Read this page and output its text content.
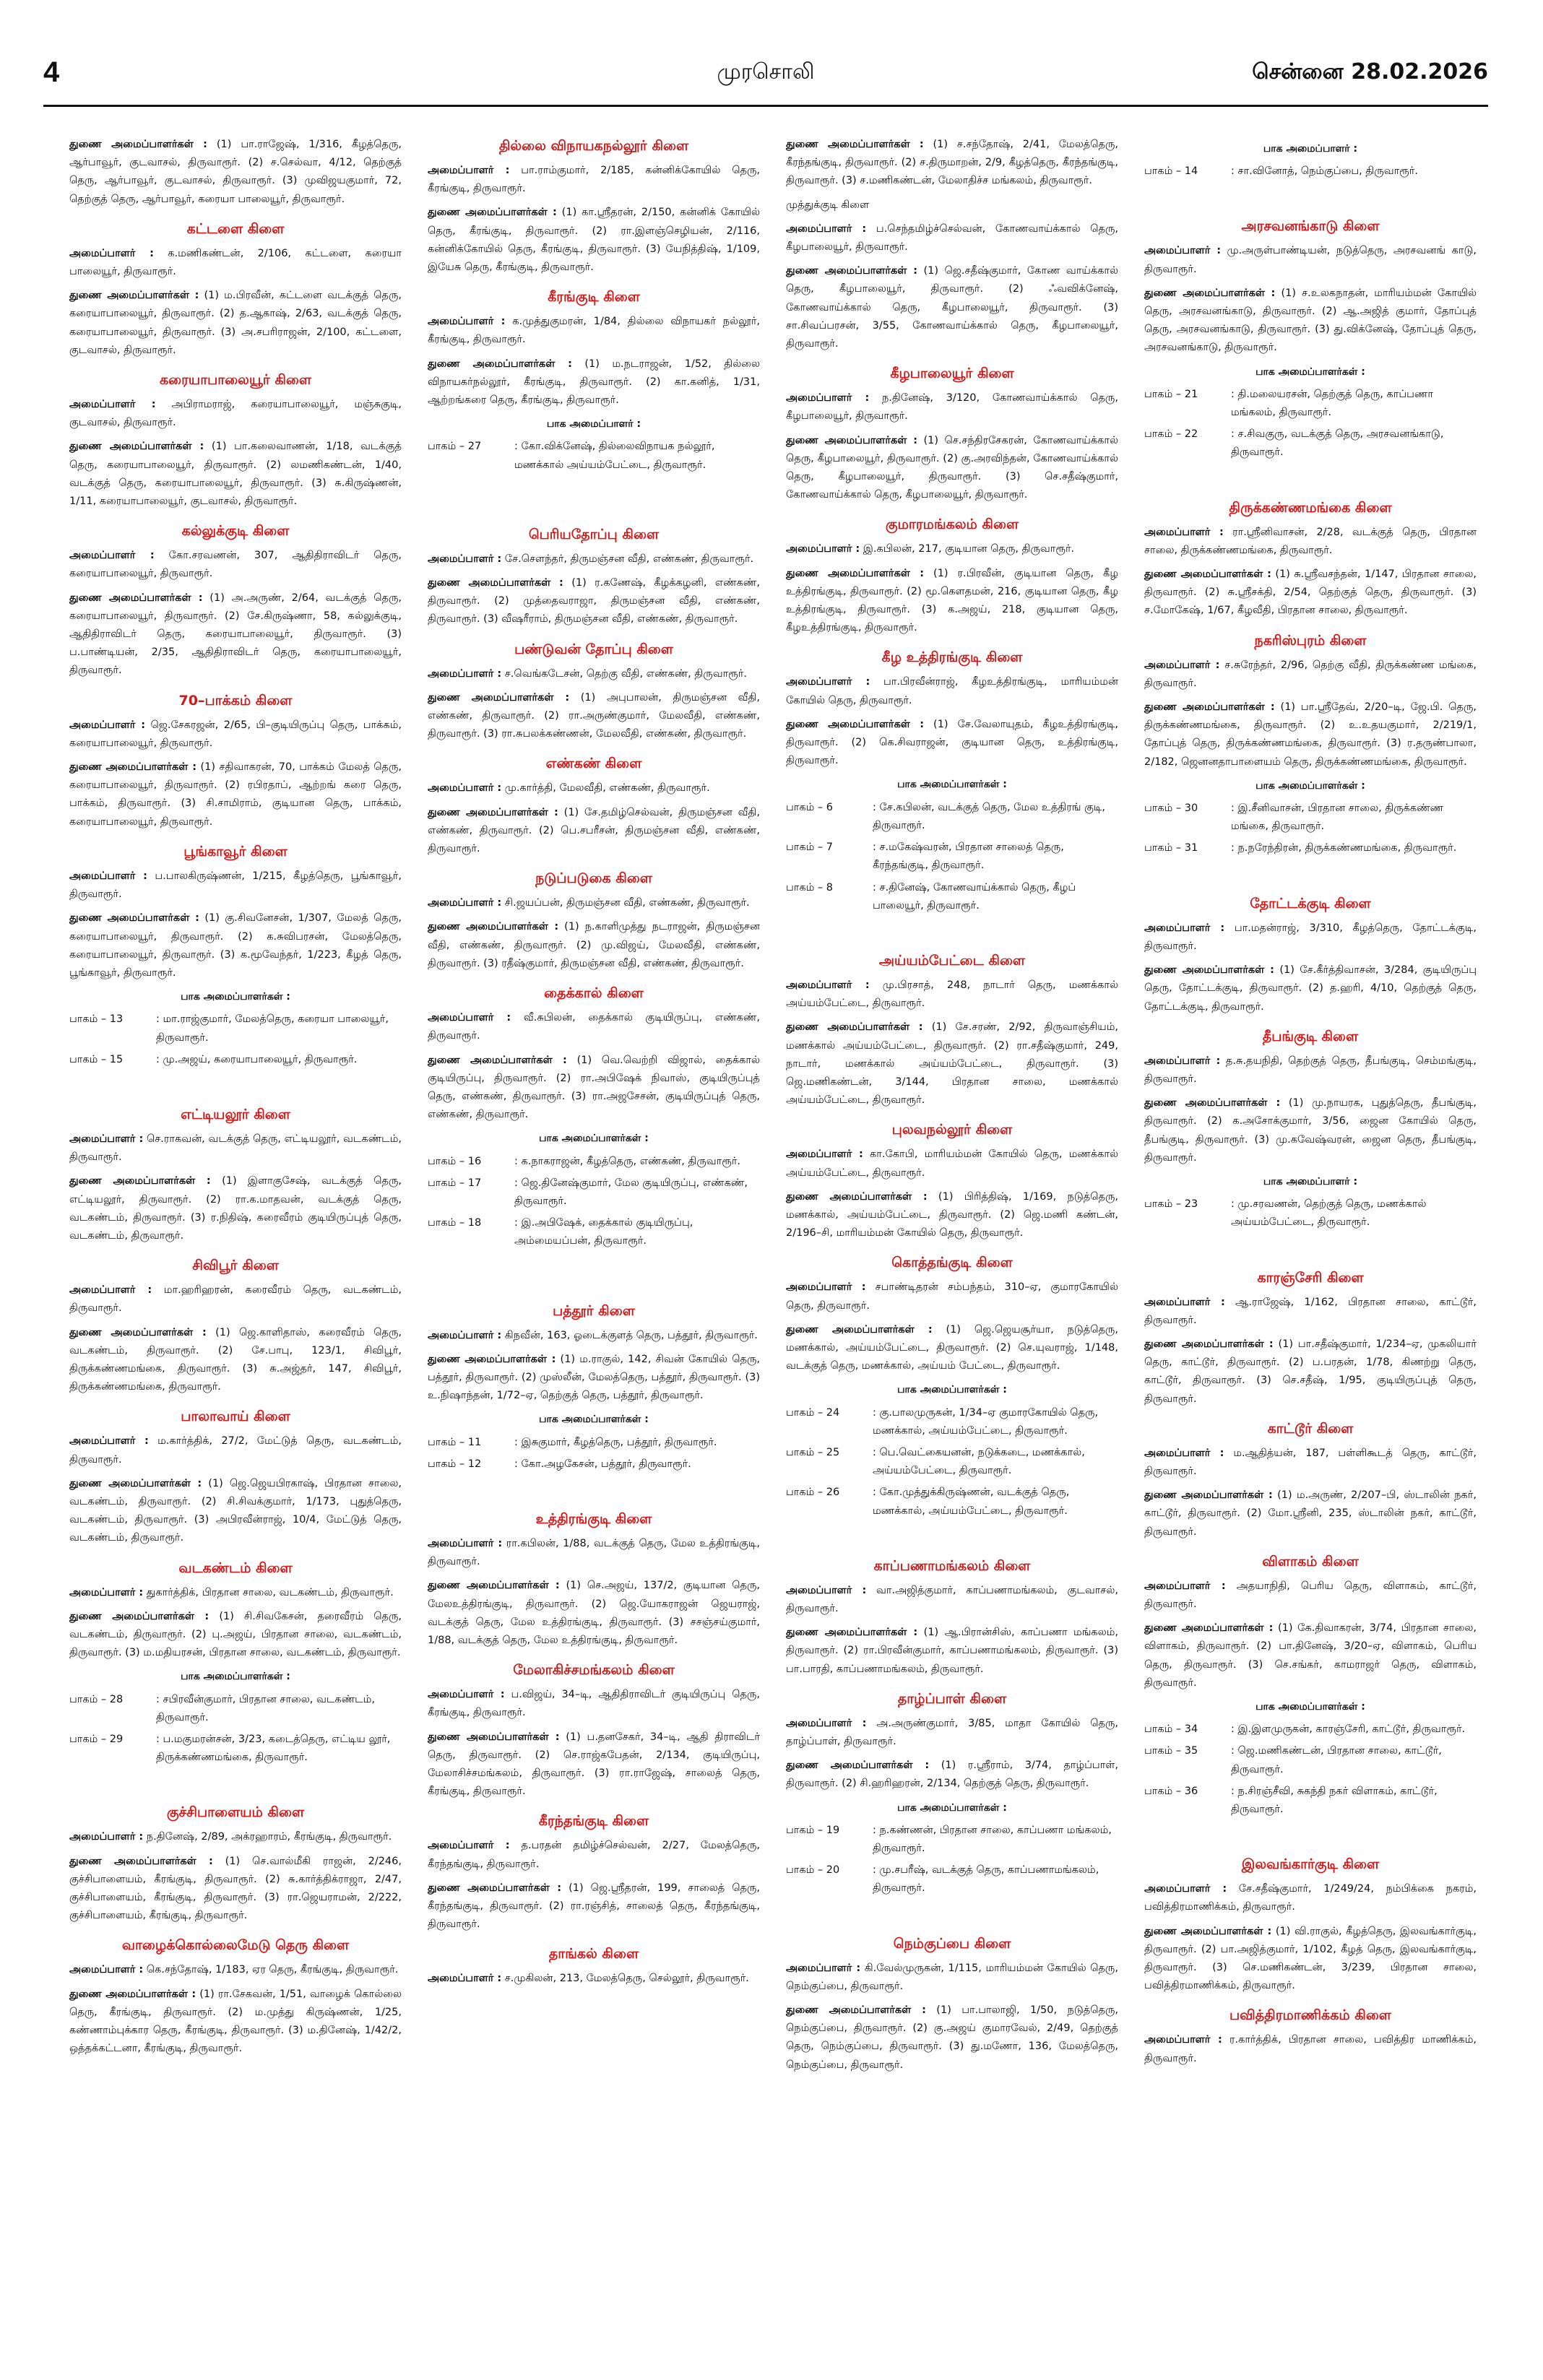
4	முரசொலி	சென்னை 28.02.2026
துணை அமைப்பாளர்கள் : (1) பா.ராஜேஷ், 1/316, கீழத்தெரு, ஆர்பாவூர், குடவாசல், திருவாரூர். (2) ச.செல்வா, 4/12, தெற்குத் தெரு, ஆர்பாவூர், குடவாசல், திருவாரூர். (3) முவிஜயகுமார், 72, தெற்குத் தெரு, ஆர்பாவூர், கரையா பாலையூர், திருவாரூர்.
கட்டளை கிளை
அமைப்பாளர் : க.மணிகண்டன், 2/106, கட்டளை, கரையா பாலையூர், திருவாரூர்.
துணை அமைப்பாளர்கள் : (1) ம.பிரவீன், கட்டளை வடக்குத் தெரு, கரையாபாலையூர், திருவாரூர். (2) த.ஆகாஷ், 2/63, வடக்குத் தெரு, கரையாபாலையூர், திருவாரூர். (3) அ.சபரிராஜன், 2/100, கட்டளை, குடவாசல், திருவாரூர்.
கரையாபாலையூர் கிளை
அமைப்பாளர் : அபிராமராஜ், கரையாபாலையூர், மஞ்சுகுடி, குடவாசல், திருவாரூர்.
துணை அமைப்பாளர்கள் : (1) பா.கலைவாணன், 1/18, வடக்குத் தெரு, கரையாபாலையூர், திருவாரூர். (2) லமணிகண்டன், 1/40, வடக்குத் தெரு, கரையாபாலையூர், திருவாரூர். (3) சு.கிருஷ்ணன், 1/11, கரையாபாலையூர், குடவாசல், திருவாரூர்.
கல்லுக்குடி கிளை
அமைப்பாளர் : கோ.சரவணன், 307, ஆதிதிராவிடர் தெரு, கரையாபாலையூர், திருவாரூர்.
துணை அமைப்பாளர்கள் : (1) அ.அருண், 2/64, வடக்குத் தெரு, கரையாபாலையூர், திருவாரூர். (2) சே.கிருஷ்ணா, 58, கல்லுக்குடி, ஆதிதிராவிடர் தெரு, கரையாபாலையூர், திருவாரூர். (3) ப.பாண்டியன், 2/35, ஆதிதிராவிடர் தெரு, கரையாபாலையூர், திருவாரூர்.
70–பாக்கம் கிளை
அமைப்பாளர் : ஜெ.சேகரஜன், 2/65, பி–குடியிருப்பு தெரு, பாக்கம், கரையாபாலையூர், திருவாரூர்.
துணை அமைப்பாளர்கள் : (1) சதிவாகரன், 70, பாக்கம் மேலத் தெரு, கரையாபாலையூர், திருவாரூர். (2) ரபிரதாப், ஆற்றங் கரை தெரு, பாக்கம், திருவாரூர். (3) சி.சாமிராம், குடியான தெரு, பாக்கம், கரையாபாலையூர், திருவாரூர்.
பூங்காவூர் கிளை
அமைப்பாளர் : ப.பாலகிருஷ்ணன், 1/215, கீழத்தெரு, பூங்காவூர், திருவாரூர்.
துணை அமைப்பாளர்கள் : (1) கு.சிவனேசன், 1/307, மேலத் தெரு, கரையாபாலையூர், திருவாரூர். (2) க.சுவிபரசன், மேலத்தெரு, கரையாபாலையூர், திருவாரூர். (3) க.மூவேந்தர், 1/223, கீழத் தெரு, பூங்காவூர், திருவாரூர்.
பாக அமைப்பாளர்கள் :
பாகம் – 13	: மா.ராஜ்குமார், மேலத்தெரு, கரையா பாலையூர், திருவாரூர்.
பாகம் – 15	: மு.அஜய், கரையாபாலையூர், திருவாரூர்.
எட்டியலூர் கிளை
அமைப்பாளர் : செ.ராகவன், வடக்குத் தெரு, எட்டியலூர், வடகண்டம், திருவாரூர்.
துணை அமைப்பாளர்கள் : (1) இளாகுசேஷ், வடக்குத் தெரு, எட்டியலூர், திருவாரூர். (2) ரா.க.மாதவன், வடக்குத் தெரு, வடகண்டம், திருவாரூர். (3) ர.நிதிஷ், கரைவீரம் குடியிருப்புத் தெரு, வடகண்டம், திருவாரூர்.
சிவிபூர் கிளை
அமைப்பாளர் : மா.ஹரிஹரன், கரைவீரம் தெரு, வடகண்டம், திருவாரூர்.
துணை அமைப்பாளர்கள் : (1) ஜெ.காளிதாஸ், கரைவீரம் தெரு, வடகண்டம், திருவாரூர். (2) சே.பாபு, 123/1, சிவிபூர், திருக்கண்ணமங்கை, திருவாரூர். (3) சு.அஜ்தர், 147, சிவிபூர், திருக்கண்ணமங்கை, திருவாரூர்.
பாலாவாய் கிளை
அமைப்பாளர் : ம.கார்த்திக், 27/2, மேட்டுத் தெரு, வடகண்டம், திருவாரூர்.
துணை அமைப்பாளர்கள் : (1) ஜெ.ஜெயபிரகாஷ், பிரதான சாலை, வடகண்டம், திருவாரூர். (2) சி.சிவக்குமார், 1/173, புதுத்தெரு, வடகண்டம், திருவாரூர். (3) அபிரவீன்ராஜ், 10/4, மேட்டுத் தெரு, வடகண்டம், திருவாரூர்.
வடகண்டம் கிளை
அமைப்பாளர் : துகார்த்திக், பிரதான சாலை, வடகண்டம், திருவாரூர்.
துணை அமைப்பாளர்கள் : (1) சி.சிவகேசன், தரைவீரம் தெரு, வடகண்டம், திருவாரூர். (2) பு.அஜய், பிரதான சாலை, வடகண்டம், திருவாரூர். (3) ம.மதியரசன், பிரதான சாலை, வடகண்டம், திருவாரூர்.
பாக அமைப்பாளர்கள் :
பாகம் – 28	: சபிரவீன்குமார், பிரதான சாலை, வடகண்டம், திருவாரூர்.
பாகம் – 29	: ப.மகுமரன்சன், 3/23, கடைத்தெரு, எட்டிய லூர், திருக்கண்ணமங்கை, திருவாரூர்.
குச்சிபாளையம் கிளை
அமைப்பாளர் : ந.தினேஷ், 2/89, அக்ரஹாரம், கீரங்குடி, திருவாரூர்.
துணை அமைப்பாளர்கள் : (1) செ.வால்மீகி ராஜன், 2/246, குச்சிபாளையம், கீரங்குடி, திருவாரூர். (2) சு.கார்த்திக்ராஜா, 2/47, குச்சிபாளையம், கீரங்குடி, திருவாரூர். (3) ரா.ஜெயராமன், 2/222, குச்சிபாளையம், கீரங்குடி, திருவாரூர்.
வாழைக்கொல்லைமேடு தெரு கிளை
அமைப்பாளர் : கெ.சந்தோஷ், 1/183, ஏர தெரு, கீரங்குடி, திருவாரூர்.
துணை அமைப்பாளர்கள் : (1) ரா.சேகவன், 1/51, வாழைக் கொல்லை தெரு, கீரங்குடி, திருவாரூர். (2) ம.முத்து கிருஷ்ணன், 1/25, கண்ணாம்புக்கார தெரு, கீரங்குடி, திருவாரூர். (3) ம.தினேஷ், 1/42/2, ஒத்தக்கட்டனா, கீரங்குடி, திருவாரூர்.
தில்லை விநாயகநல்லூர் கிளை
அமைப்பாளர் : பா.ராம்குமார், 2/185, கன்னிக்கோயில் தெரு, கீரங்குடி, திருவாரூர்.
துணை அமைப்பாளர்கள் : (1) கா.ஸ்ரீதரன், 2/150, கன்னிக் கோயில் தெரு, கீரங்குடி, திருவாரூர். (2) ரா.இளஞ்செழியன், 2/116, கன்னிக்கோயில் தெரு, கீரங்குடி, திருவாரூர். (3) யேநித்திஷ், 1/109, இயேசு தெரு, கீரங்குடி, திருவாரூர்.
கீரங்குடி கிளை
அமைப்பாளர் : க.முத்துகுமரன், 1/84, தில்லை விநாயகர் நல்லூர், கீரங்குடி, திருவாரூர்.
துணை அமைப்பாளர்கள் : (1) ம.நடராஜன், 1/52, தில்லை விநாயகர்நல்லூர், கீரங்குடி, திருவாரூர். (2) கா.கனித், 1/31, ஆற்றங்கரை தெரு, கீரங்குடி, திருவாரூர்.
பாக அமைப்பாளர் :
பாகம் – 27	: கோ.விக்னேஷ், தில்லைவிநாயக நல்லூர், மணக்கால் அய்யம்பேட்டை, திருவாரூர்.
பெரியதோப்பு கிளை
அமைப்பாளர் : சே.சௌந்தர், திருமஞ்சன வீதி, எண்கண், திருவாரூர்.
துணை அமைப்பாளர்கள் : (1) ர.கணேஷ், கீழக்கழனி, எண்கண், திருவாரூர். (2) முத்தைவராஜா, திருமஞ்சன வீதி, எண்கண், திருவாரூர். (3) வீஷரீராம், திருமஞ்சன வீதி, எண்கண், திருவாரூர்.
பண்டுவன் தோப்பு கிளை
அமைப்பாளர் : ச.வெங்கடேசன், தெற்கு வீதி, எண்கண், திருவாரூர்.
துணை அமைப்பாளர்கள் : (1) அபுபாலன், திருமஞ்சன வீதி, எண்கண், திருவாரூர். (2) ரா.அருண்குமார், மேலவீதி, எண்கண், திருவாரூர். (3) ரா.சுபலக்கண்ணன், மேலவீதி, எண்கண், திருவாரூர்.
எண்கண் கிளை
அமைப்பாளர் : மு.கார்த்தி, மேலவீதி, எண்கண், திருவாரூர்.
துணை அமைப்பாளர்கள் : (1) சே.தமிழ்செல்வன், திருமஞ்சன வீதி, எண்கண், திருவாரூர். (2) பெ.சபரீசன், திருமஞ்சன வீதி, எண்கண், திருவாரூர்.
நடுப்படுகை கிளை
அமைப்பாளர் : சி.ஜயப்பன், திருமஞ்சன வீதி, எண்கண், திருவாரூர்.
துணை அமைப்பாளர்கள் : (1) ந.காளிமுத்து நடராஜன், திருமஞ்சன வீதி, எண்கண், திருவாரூர். (2) மு.விஜய், மேலவீதி, எண்கண், திருவாரூர். (3) ரதீஷ்குமார், திருமஞ்சன வீதி, எண்கண், திருவாரூர்.
தைக்கால் கிளை
அமைப்பாளர் : வீ.சுபிலன், தைக்கால் குடியிருப்பு, எண்கண், திருவாரூர்.
துணை அமைப்பாளர்கள் : (1) வெ.வெற்றி விஜால், தைக்கால் குடியிருப்பு, திருவாரூர். (2) ரா.அபிஷேக் நிவாஸ், குடியிருப்புத் தெரு, எண்கண், திருவாரூர். (3) ரா.அஜசேசன், குடியிருப்புத் தெரு, எண்கண், திருவாரூர்.
பாக அமைப்பாளர்கள் :
பாகம் – 16	: க.நாகராஜன், கீழத்தெரு, எண்கண், திருவாரூர்.
பாகம் – 17	: ஜெ.தினேஷ்குமார், மேல குடியிருப்பு, எண்கண், திருவாரூர்.
பாகம் – 18	: இ.அபிஷேக், தைக்கால் குடியிருப்பு, அம்மையப்பன், திருவாரூர்.
பத்தூர் கிளை
அமைப்பாளர் : கிநவீன், 163, ஓடைக்குளத் தெரு, பத்தூர், திருவாரூர்.
துணை அமைப்பாளர்கள் : (1) ம.ராகுல், 142, சிவன் கோயில் தெரு, பத்தூர், திருவாரூர். (2) முஸ்லீன், மேலத்தெரு, பத்தூர், திருவாரூர். (3) உ.நிஷாந்தன், 1/72–ஏ, தெற்குத் தெரு, பத்தூர், திருவாரூர்.
பாக அமைப்பாளர்கள் :
பாகம் – 11	: இசுகுமார், கீழத்தெரு, பத்தூர், திருவாரூர்.
பாகம் – 12	: கோ.அழகேசன், பத்தூர், திருவாரூர்.
உத்திரங்குடி கிளை
அமைப்பாளர் : ரா.கபிலன், 1/88, வடக்குத் தெரு, மேல உத்திரங்குடி, திருவாரூர்.
துணை அமைப்பாளர்கள் : (1) செ.அஜய், 137/2, குடியான தெரு, மேலஉத்திரங்குடி, திருவாரூர். (2) ஜெ.யோகராஜன் ஜெயராஜ், வடக்குத் தெரு, மேல உத்திரங்குடி, திருவாரூர். (3) சசஞ்சய்குமார், 1/88, வடக்குத் தெரு, மேல உத்திரங்குடி, திருவாரூர்.
மேலாகிச்சமங்கலம் கிளை
அமைப்பாளர் : ப.விஜய், 34–டி, ஆதிதிராவிடர் குடியிருப்பு தெரு, கீரங்குடி, திருவாரூர்.
துணை அமைப்பாளர்கள் : (1) ப.தனசேகர், 34–டி, ஆதி திராவிடர் தெரு, திருவாரூர். (2) செ.ராஜ்கபேதன், 2/134, குடியிருப்பு, மேலாசிச்சமங்கலம், திருவாரூர். (3) ரா.ராஜேஷ், சாலைத் தெரு, கீரங்குடி, திருவாரூர்.
கீரந்தங்குடி கிளை
அமைப்பாளர் : த.பரதன் தமிழ்ச்செல்வன், 2/27, மேலத்தெரு, கீரந்தங்குடி, திருவாரூர்.
துணை அமைப்பாளர்கள் : (1) ஜெ.ஸ்ரீதரன், 199, சாலைத் தெரு, கீரந்தங்குடி, திருவாரூர். (2) ரா.ரஞ்சித், சாலைத் தெரு, கீரந்தங்குடி, திருவாரூர்.
தாங்கல் கிளை
அமைப்பாளர் : ச.முகிலன், 213, மேலத்தெரு, செல்லூர், திருவாரூர்.
துணை அமைப்பாளர்கள் : (1) ச.சந்தோஷ், 2/41, மேலத்தெரு, கீரந்தங்குடி, திருவாரூர். (2) ச.திருமாறன், 2/9, கீழத்தெரு, கீரந்தங்குடி, திருவாரூர். (3) ச.மணிகண்டன், மேலாதிச்ச மங்கலம், திருவாரூர்.
முத்துக்குடி கிளை
அமைப்பாளர் : ப.செந்தமிழ்ச்செல்வன், கோணவாய்க்கால் தெரு, கீழபாலையூர், திருவாரூர்.
துணை அமைப்பாளர்கள் : (1) ஜெ.சதீஷ்குமார், கோண வாய்க்கால் தெரு, கீழபாலையூர், திருவாரூர். (2) ஃவவிக்னேஷ், கோணவாய்க்கால் தெரு, கீழபாலையூர், திருவாரூர். (3) சா.சிவப்பரசன், 3/55, கோணவாய்க்கால் தெரு, கீழபாலையூர், திருவாரூர்.
கீழபாலையூர் கிளை
அமைப்பாளர் : ந.தினேஷ், 3/120, கோணவாய்க்கால் தெரு, கீழபாலையூர், திருவாரூர்.
துணை அமைப்பாளர்கள் : (1) செ.சந்திரசேகரன், கோணவாய்க்கால் தெரு, கீழபாலையூர், திருவாரூர். (2) கு.அரவிந்தன், கோணவாய்க்கால் தெரு, கீழபாலையூர், திருவாரூர். (3) செ.சதீஷ்குமார், கோணவாய்க்கால் தெரு, கீழபாலையூர், திருவாரூர்.
குமாரமங்கலம் கிளை
அமைப்பாளர் : இ.கபிலன், 217, குடியான தெரு, திருவாரூர்.
துணை அமைப்பாளர்கள் : (1) ர.பிரவீன், குடியான தெரு, கீழ உத்திரங்குடி, திருவாரூர். (2) மூ.கௌதமன், 216, குடியான தெரு, கீழ உத்திரங்குடி, திருவாரூர். (3) க.அஜய், 218, குடியான தெரு, கீழஉத்திரங்குடி, திருவாரூர்.
கீழ உத்திரங்குடி கிளை
அமைப்பாளர் : பா.பிரவீன்ராஜ், கீழஉத்திரங்குடி, மாரியம்மன் கோயில் தெரு, திருவாரூர்.
துணை அமைப்பாளர்கள் : (1) சே.வேலாயுதம், கீழஉத்திரங்குடி, திருவாரூர். (2) கெ.சிவராஜன், குடியான தெரு, உத்திரங்குடி, திருவாரூர்.
பாக அமைப்பாளர்கள் :
பாகம் – 6	: சே.கபிலன், வடக்குத் தெரு, மேல உத்திரங் குடி, திருவாரூர்.
பாகம் – 7	: ச.மகேஷ்வரன், பிரதான சாலைத் தெரு, கீரந்தங்குடி, திருவாரூர்.
பாகம் – 8	: ச.தினேஷ், கோணவாய்க்கால் தெரு, கீழப் பாலையூர், திருவாரூர்.
அய்யம்பேட்டை கிளை
அமைப்பாளர் : மு.பிரசாத், 248, நாடார் தெரு, மணக்கால் அய்யம்பேட்டை, திருவாரூர்.
துணை அமைப்பாளர்கள் : (1) சே.சரண், 2/92, திருவாஞ்சியம், மணக்கால் அய்யம்பேட்டை, திருவாரூர். (2) ரா.சதீஷ்குமார், 249, நாடார், மணக்கால் அய்யம்பேட்டை, திருவாரூர். (3) ஜெ.மணிகண்டன், 3/144, பிரதான சாலை, மணக்கால் அய்யம்பேட்டை, திருவாரூர்.
புலவநல்லூர் கிளை
அமைப்பாளர் : கா.கோபி, மாரியம்மன் கோயில் தெரு, மணக்கால் அய்யம்பேட்டை, திருவாரூர்.
துணை அமைப்பாளர்கள் : (1) பிரித்திஷ், 1/169, நடுத்தெரு, மணக்கால், அய்யம்பேட்டை, திருவாரூர். (2) ஜெ.மணி கண்டன், 2/196–சி, மாரியம்மன் கோயில் தெரு, திருவாரூர்.
கொத்தங்குடி கிளை
அமைப்பாளர் : சபாண்டிதரன் சம்பந்தம், 310–ஏ, குமாரகோயில் தெரு, திருவாரூர்.
துணை அமைப்பாளர்கள் : (1) ஜெ.ஜெயசூர்யா, நடுத்தெரு, மணக்கால், அய்யம்பேட்டை, திருவாரூர். (2) செ.யுவராஜ், 1/148, வடக்குத் தெரு, மணக்கால், அய்யம் பேட்டை, திருவாரூர்.
பாக அமைப்பாளர்கள் :
பாகம் – 24	: கு.பாலமுருகன், 1/34–ஏ குமாரகோயில் தெரு, மணக்கால், அய்யம்பேட்டை, திருவாரூர்.
பாகம் – 25	: பெ.வெட்கையனன், நடுக்கடை, மணக்கால், அய்யம்பேட்டை, திருவாரூர்.
பாகம் – 26	: கோ.முத்துக்கிருஷ்ணன், வடக்குத் தெரு, மணக்கால், அய்யம்பேட்டை, திருவாரூர்.
காப்பணாமங்கலம் கிளை
அமைப்பாளர் : வா.அஜித்குமார், காப்பணாமங்கலம், குடவாசல், திருவாரூர்.
துணை அமைப்பாளர்கள் : (1) ஆ.பிரான்சிஸ், காப்பணா மங்கலம், திருவாரூர். (2) ரா.பிரவீன்குமார், காப்பணாமங்கலம், திருவாரூர். (3) பா.பாரதி, காப்பணாமங்கலம், திருவாரூர்.
தாழ்ப்பாள் கிளை
அமைப்பாளர் : அ.அருண்குமார், 3/85, மாதா கோயில் தெரு, தாழ்ப்பாள், திருவாரூர்.
துணை அமைப்பாளர்கள் : (1) ர.ஸ்ரீராம், 3/74, தாழ்ப்பாள், திருவாரூர். (2) சி.ஹரிஹரன், 2/134, தெற்குத் தெரு, திருவாரூர்.
பாக அமைப்பாளர்கள் :
பாகம் – 19	: ந.கண்ணன், பிரதான சாலை, காப்பணா மங்கலம், திருவாரூர்.
பாகம் – 20	: மு.சபரீஷ், வடக்குத் தெரு, காப்பணாமங்கலம், திருவாரூர்.
நெம்குப்பை கிளை
அமைப்பாளர் : கி.வேல்முருகன், 1/115, மாரியம்மன் கோயில் தெரு, நெம்குப்பை, திருவாரூர்.
துணை அமைப்பாளர்கள் : (1) பா.பாலாஜி, 1/50, நடுத்தெரு, நெம்குப்பை, திருவாரூர். (2) கு.அஜய் குமாரவேல், 2/49, தெற்குத் தெரு, நெம்குப்பை, திருவாரூர். (3) து.மணோ, 136, மேலத்தெரு, நெம்குப்பை, திருவாரூர்.
பாக அமைப்பாளர் :
பாகம் – 14	: சா.வினோத், நெம்குப்பை, திருவாரூர்.
அரசவனங்காடு கிளை
அமைப்பாளர் : மு.அருள்பாண்டியன், நடுத்தெரு, அரசவனங் காடு, திருவாரூர்.
துணை அமைப்பாளர்கள் : (1) ச.உலகநாதன், மாரியம்மன் கோயில் தெரு, அரசவனங்காடு, திருவாரூர். (2) ஆ.அஜித் குமார், தோப்புத் தெரு, அரசவனங்காடு, திருவாரூர். (3) து.விக்னேஷ், தோப்புத் தெரு, அரசவனங்காடு, திருவாரூர்.
பாக அமைப்பாளர்கள் :
பாகம் – 21	: தி.மலையரசன், தெற்குத் தெரு, காப்பணா மங்கலம், திருவாரூர்.
பாகம் – 22	: ச.சிவகுரு, வடக்குத் தெரு, அரசவனங்காடு, திருவாரூர்.
திருக்கண்ணமங்கை கிளை
அமைப்பாளர் : ரா.ஸ்ரீனிவாசன், 2/28, வடக்குத் தெரு, பிரதான சாலை, திருக்கண்ணமங்கை, திருவாரூர்.
துணை அமைப்பாளர்கள் : (1) சு.ஸ்ரீவசந்தன், 1/147, பிரதான சாலை, திருவாரூர். (2) சு.ஸ்ரீசக்தி, 2/54, தெற்குத் தெரு, திருவாரூர். (3) ச.மோகேஷ், 1/67, கீழவீதி, பிரதான சாலை, திருவாரூர்.
நகரிஸ்புரம் கிளை
அமைப்பாளர் : ச.சுரேந்தர், 2/96, தெற்கு வீதி, திருக்கண்ண மங்கை, திருவாரூர்.
துணை அமைப்பாளர்கள் : (1) பா.ஸ்ரீதேவ், 2/20–டி, ஜே.பி. தெரு, திருக்கண்ணமங்கை, திருவாரூர். (2) உ.உதயகுமார், 2/219/1, தோப்புத் தெரு, திருக்கண்ணமங்கை, திருவாரூர். (3) ர.தருண்பாலா, 2/182, ஜெனனதாபாளையம் தெரு, திருக்கண்ணமங்கை, திருவாரூர்.
பாக அமைப்பாளர்கள் :
பாகம் – 30	: இ.சீனிவாசன், பிரதான சாலை, திருக்கண்ண மங்கை, திருவாரூர்.
பாகம் – 31	: ந.நரேந்திரன், திருக்கண்ணமங்கை, திருவாரூர்.
தோட்டக்குடி கிளை
அமைப்பாளர் : பா.மதன்ராஜ், 3/310, கீழத்தெரு, தோட்டக்குடி, திருவாரூர்.
துணை அமைப்பாளர்கள் : (1) சே.கீர்த்திவாசன், 3/284, குடியிருப்பு தெரு, தோட்டக்குடி, திருவாரூர். (2) த.ஹரி, 4/10, தெற்குத் தெரு, தோட்டக்குடி, திருவாரூர்.
தீபங்குடி கிளை
அமைப்பாளர் : த.சு.தயநிதி, தெற்குத் தெரு, தீபங்குடி, செம்மங்குடி, திருவாரூர்.
துணை அமைப்பாளர்கள் : (1) மு.நாயரக, புதுத்தெரு, தீபங்குடி, திருவாரூர். (2) க.அசோக்குமார், 3/56, ஜைன கோயில் தெரு, தீபங்குடி, திருவாரூர். (3) மு.கவேஷ்வரன், ஜைன தெரு, தீபங்குடி, திருவாரூர்.
பாக அமைப்பாளர் :
பாகம் – 23	: மு.சரவணன், தெற்குத் தெரு, மணக்கால் அய்யம்பேட்டை, திருவாரூர்.
காரஞ்சேரி கிளை
அமைப்பாளர் : ஆ.ராஜேஷ், 1/162, பிரதான சாலை, காட்டூர், திருவாரூர்.
துணை அமைப்பாளர்கள் : (1) பா.சதீஷ்குமார், 1/234–ஏ, முகலியார் தெரு, காட்டூர், திருவாரூர். (2) ப.பரதன், 1/78, கிணற்று தெரு, காட்டூர், திருவாரூர். (3) செ.சதீஷ், 1/95, குடியிருப்புத் தெரு, திருவாரூர்.
காட்டூர் கிளை
அமைப்பாளர் : ம.ஆதித்யன், 187, பள்ளிகூடத் தெரு, காட்டூர், திருவாரூர்.
துணை அமைப்பாளர்கள் : (1) ம.அருண், 2/207–பி, ஸ்டாலின் நகர், காட்டூர், திருவாரூர். (2) மோ.ஸ்ரீனி, 235, ஸ்டாலின் நகர், காட்டூர், திருவாரூர்.
விளாகம் கிளை
அமைப்பாளர் : அதயாநிதி, பெரிய தெரு, விளாகம், காட்டூர், திருவாரூர்.
துணை அமைப்பாளர்கள் : (1) கே.திவாகரன், 3/74, பிரதான சாலை, விளாகம், திருவாரூர். (2) பா.தினேஷ், 3/20–ஏ, விளாகம், பெரிய தெரு, திருவாரூர். (3) செ.சங்கர், காமராஜர் தெரு, விளாகம், திருவாரூர்.
பாக அமைப்பாளர்கள் :
பாகம் – 34	: இ.இளமுருகன், காரஞ்சேரி, காட்டூர், திருவாரூர்.
பாகம் – 35	: ஜெ.மணிகண்டன், பிரதான சாலை, காட்டூர், திருவாரூர்.
பாகம் – 36	: ந.சிரஞ்சீவி, சுகந்தி நகர் விளாகம், காட்டூர், திருவாரூர்.
இலவங்கார்குடி கிளை
அமைப்பாளர் : சே.சதீஷ்குமார், 1/249/24, நம்பிக்கை நகரம், பவித்திரமாணிக்கம், திருவாரூர்.
துணை அமைப்பாளர்கள் : (1) வி.ராகுல், கீழத்தெரு, இலவங்கார்குடி, திருவாரூர். (2) பா.அஜித்குமார், 1/102, கீழத் தெரு, இலவங்கார்குடி, திருவாரூர். (3) செ.மணிகண்டன், 3/239, பிரதான சாலை, பவித்திரமாணிக்கம், திருவாரூர்.
பவித்திரமாணிக்கம் கிளை
அமைப்பாளர் : ர.கார்த்திக், பிரதான சாலை, பவித்திர மாணிக்கம், திருவாரூர்.
